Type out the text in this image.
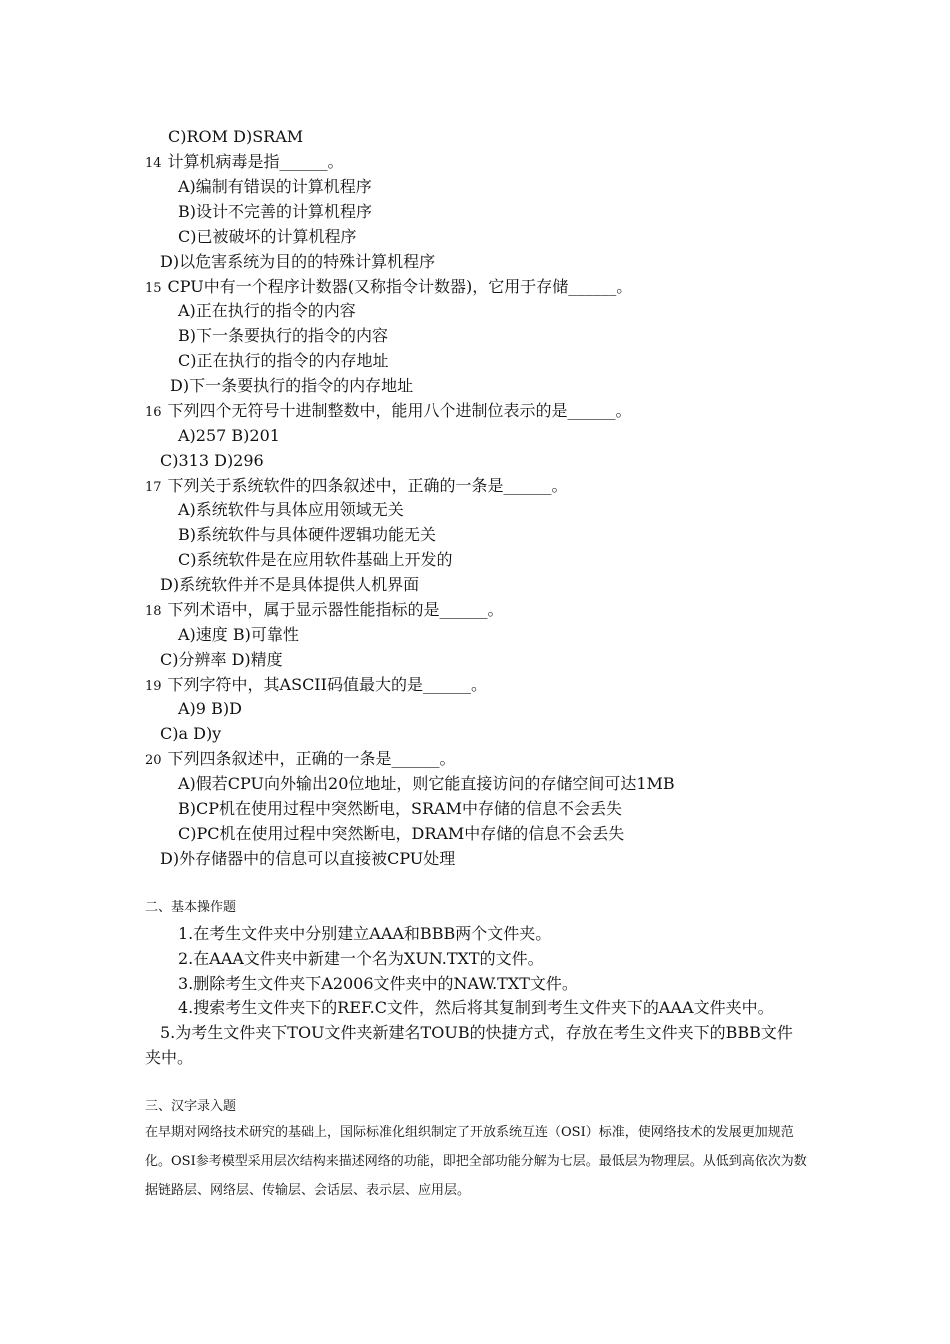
C)ROM D)SRAM
14 计算机病毒是指______。
A)编制有错误的计算机程序
B)设计不完善的计算机程序
C)已被破坏的计算机程序
D)以危害系统为目的的特殊计算机程序
15 CPU中有一个程序计数器(又称指令计数器)，它用于存储______。
A)正在执行的指令的内容
B)下一条要执行的指令的内容
C)正在执行的指令的内存地址
D)下一条要执行的指令的内存地址
16 下列四个无符号十进制整数中，能用八个进制位表示的是______。
A)257 B)201
C)313 D)296
17 下列关于系统软件的四条叙述中，正确的一条是______。
A)系统软件与具体应用领域无关
B)系统软件与具体硬件逻辑功能无关
C)系统软件是在应用软件基础上开发的
D)系统软件并不是具体提供人机界面
18 下列术语中，属于显示器性能指标的是______。
A)速度 B)可靠性
C)分辨率 D)精度
19 下列字符中，其ASCII码值最大的是______。
A)9 B)D
C)a D)y
20 下列四条叙述中，正确的一条是______。
A)假若CPU向外输出20位地址，则它能直接访问的存储空间可达1MB
B)CP机在使用过程中突然断电，SRAM中存储的信息不会丢失
C)PC机在使用过程中突然断电，DRAM中存储的信息不会丢失
D)外存储器中的信息可以直接被CPU处理
二、基本操作题
1.在考生文件夹中分别建立AAA和BBB两个文件夹。
2.在AAA文件夹中新建一个名为XUN.TXT的文件。
3.删除考生文件夹下A2006文件夹中的NAW.TXT文件。
4.搜索考生文件夹下的REF.C文件，然后将其复制到考生文件夹下的AAA文件夹中。
5.为考生文件夹下TOU文件夹新建名TOUB的快捷方式，存放在考生文件夹下的BBB文件
夹中。
三、汉字录入题
在早期对网络技术研究的基础上，国际标准化组织制定了开放系统互连（OSI）标准，使网络技术的发展更加规范化。OSI参考模型采用层次结构来描述网络的功能，即把全部功能分解为七层。最低层为物理层。从低到高依次为数据链路层、网络层、传输层、会话层、表示层、应用层。
